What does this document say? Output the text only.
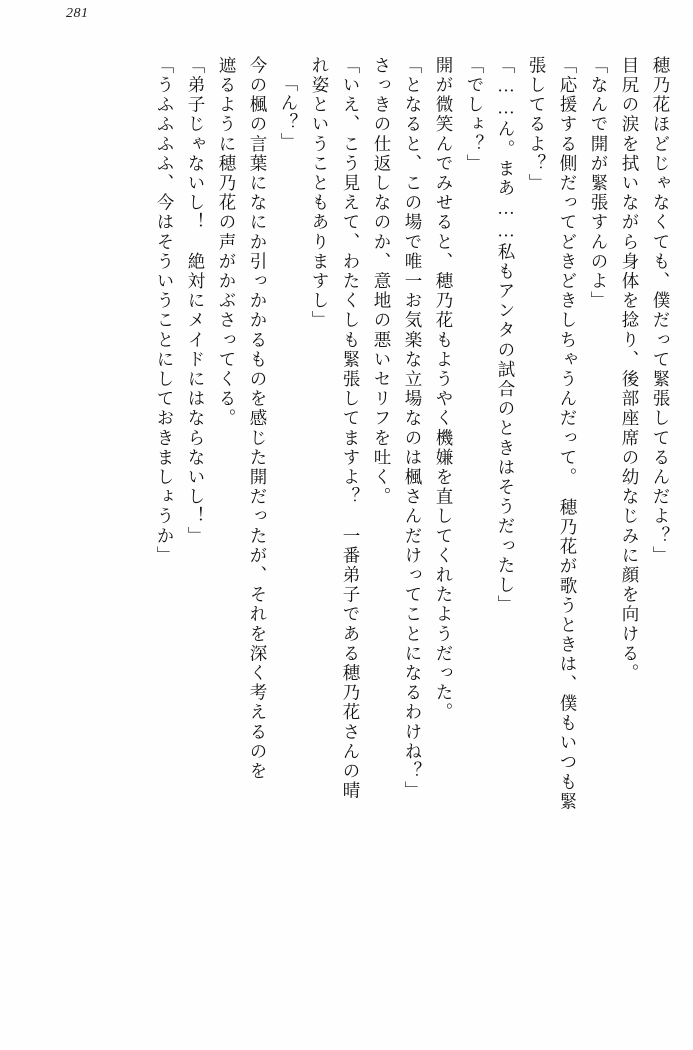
281
穂乃花ほどじゃなくても、僕だって緊張してるんだよ？」
目尻の涙を拭いながら身体を捻り、後部座席の幼なじみに顔を向ける。
「なんで開が緊張すんのよ」
「応援する側だってどきどきしちゃうんだって。　穂乃花が歌うときは、僕もいつも緊
張してるよ？」
「……ん。まあ……私もアンタの試合のときはそうだったし」
「でしょ？」
開が微笑んでみせると、穂乃花もようやく機嫌を直してくれたようだった。
「となると、この場で唯一お気楽な立場なのは楓さんだけってことになるわけね？」
さっきの仕返しなのか、意地の悪いセリフを吐く。
「いえ、こう見えて、わたくしも緊張してますよ？　一番弟子である穂乃花さんの晴
れ姿ということもありますし」
「ん？」
今の楓の言葉になにか引っかかるものを感じた開だったが、それを深く考えるのを
遮るように穂乃花の声がかぶさってくる。
「弟子じゃないし！　絶対にメイドにはならないし！」
「うふふふふ、今はそういうことにしておきましょうか」
